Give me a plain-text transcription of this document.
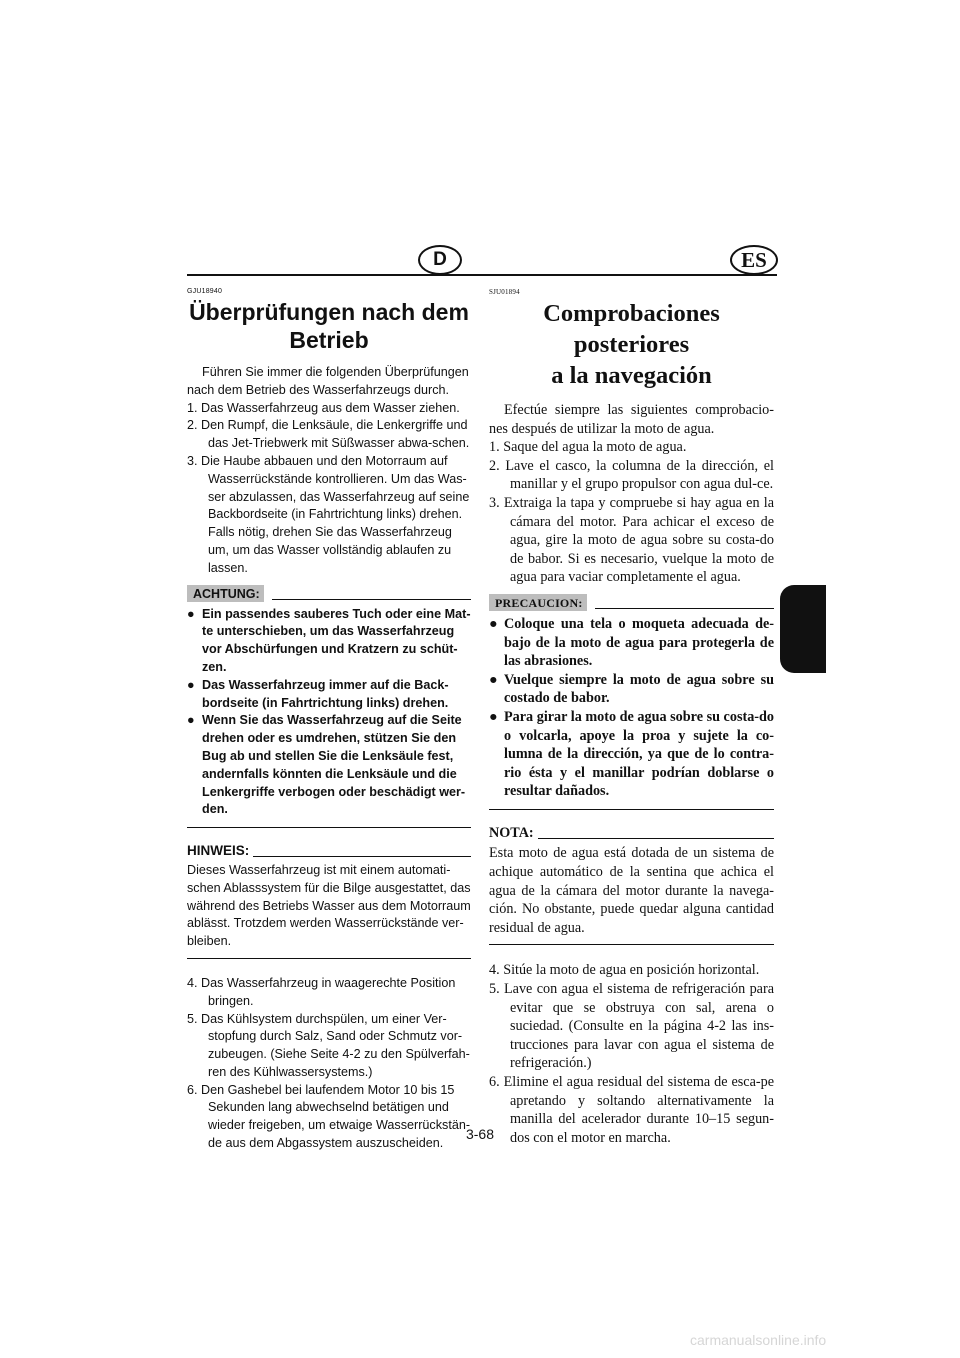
D	ES
GJU18940
Überprüfungen nach dem
Betrieb

Führen Sie immer die folgenden Überprüfungen nach dem Betrieb des Wasserfahrzeugs durch.

1. Das Wasserfahrzeug aus dem Wasser ziehen.
2. Den Rumpf, die Lenksäule, die Lenkergriffe und das Jet-Triebwerk mit Süßwasser abwa-schen.
3. Die Haube abbauen und den Motorraum auf Wasserrückstände kontrollieren. Um das Was-ser abzulassen, das Wasserfahrzeug auf seine Backbordseite (in Fahrtrichtung links) drehen. Falls nötig, drehen Sie das Wasserfahrzeug um, um das Wasser vollständig ablaufen zu lassen.
ACHTUNG:
● Ein passendes sauberes Tuch oder eine Mat-te unterschieben, um das Wasserfahrzeug vor Abschürfungen und Kratzern zu schüt-zen.
● Das Wasserfahrzeug immer auf die Back-bordseite (in Fahrtrichtung links) drehen.
● Wenn Sie das Wasserfahrzeug auf die Seite drehen oder es umdrehen, stützen Sie den Bug ab und stellen Sie die Lenksäule fest, andernfalls könnten die Lenksäule und die Lenkergriffe verbogen oder beschädigt wer-den.
HINWEIS:

Dieses Wasserfahrzeug ist mit einem automati-schen Ablasssystem für die Bilge ausgestattet, das während des Betriebs Wasser aus dem Motorraum ablässt. Trotzdem werden Wasserrückstände ver-bleiben.

4. Das Wasserfahrzeug in waagerechte Position bringen.
5. Das Kühlsystem durchspülen, um einer Ver-stopfung durch Salz, Sand oder Schmutz vor-zubeugen. (Siehe Seite 4-2 zu den Spülverfah-ren des Kühlwassersystems.)
6. Den Gashebel bei laufendem Motor 10 bis 15 Sekunden lang abwechselnd betätigen und wieder freigeben, um etwaige Wasserrückstän-de aus dem Abgassystem auszuscheiden.
SJU01894
Comprobaciones posteriores
a la navegación

Efectúe siempre las siguientes comprobacio-nes después de utilizar la moto de agua.

1. Saque del agua la moto de agua.
2. Lave el casco, la columna de la dirección, el manillar y el grupo propulsor con agua dul-ce.
3. Extraiga la tapa y compruebe si hay agua en la cámara del motor. Para achicar el exceso de agua, gire la moto de agua sobre su costa-do de babor. Si es necesario, vuelque la moto de agua para vaciar completamente el agua.
PRECAUCION:
● Coloque una tela o moqueta adecuada de-bajo de la moto de agua para protegerla de las abrasiones.
● Vuelque siempre la moto de agua sobre su costado de babor.
● Para girar la moto de agua sobre su costa-do o volcarla, apoye la proa y sujete la co-lumna de la dirección, ya que de lo contra-rio ésta y el manillar podrían doblarse o resultar dañados.
NOTA:

Esta moto de agua está dotada de un sistema de achique automático de la sentina que achica el agua de la cámara del motor durante la navega-ción. No obstante, puede quedar alguna cantidad residual de agua.

4. Sitúe la moto de agua en posición horizontal.
5. Lave con agua el sistema de refrigeración para evitar que se obstruya con sal, arena o suciedad. (Consulte en la página 4-2 las ins-trucciones para lavar con agua el sistema de refrigeración.)
6. Elimine el agua residual del sistema de esca-pe apretando y soltando alternativamente la manilla del acelerador durante 10–15 segun-dos con el motor en marcha.
3-68
carmanualsonline.info
